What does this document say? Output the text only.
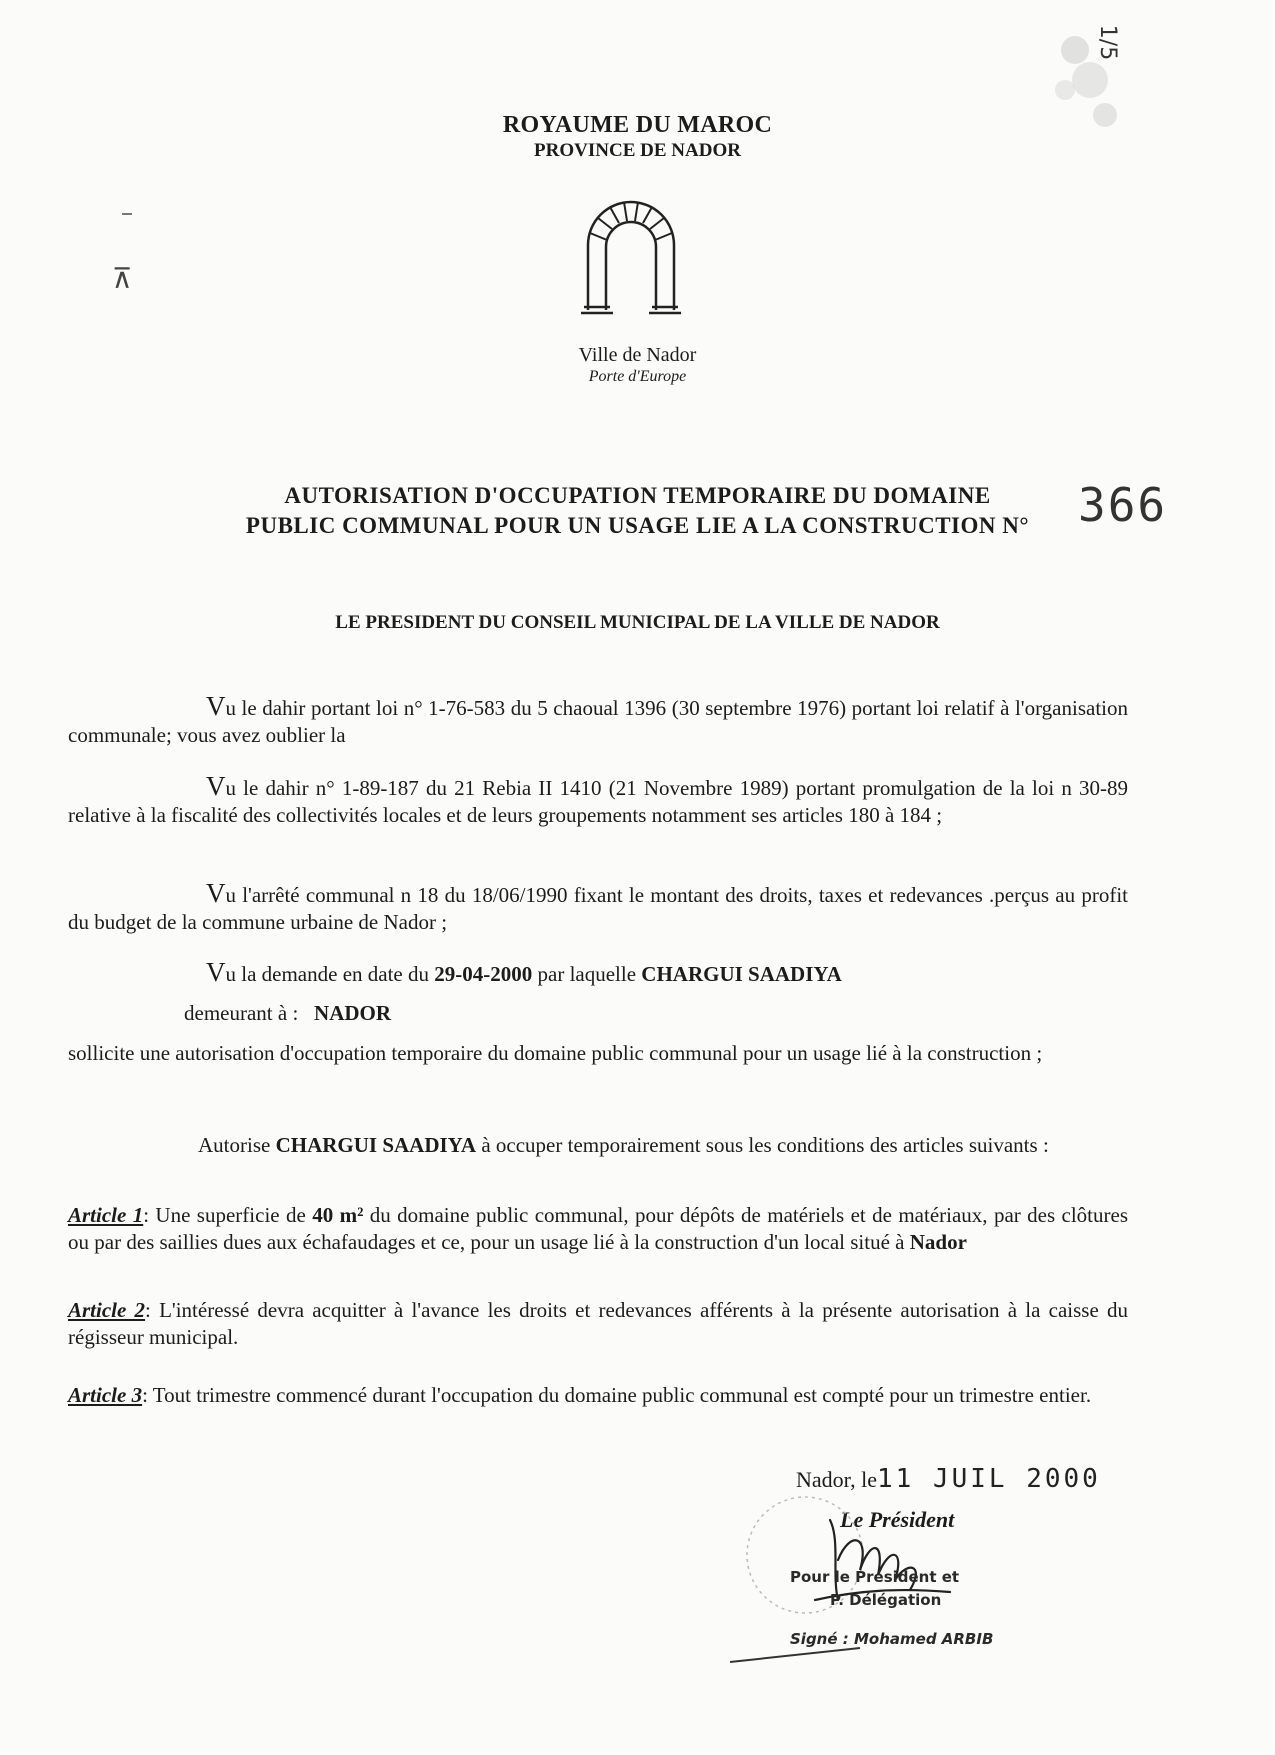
1/5
⊼
ROYAUME DU MAROC
PROVINCE DE NADOR
Ville de Nador
Porte d'Europe
AUTORISATION D'OCCUPATION TEMPORAIRE DU DOMAINE
PUBLIC COMMUNAL POUR UN USAGE LIE A LA CONSTRUCTION N°	366
LE PRESIDENT DU CONSEIL MUNICIPAL DE LA VILLE DE NADOR
Vu le dahir portant loi n° 1-76-583 du 5 chaoual 1396 (30 septembre 1976) portant loi relatif à l'organisation communale; vous avez oublier la
Vu le dahir n° 1-89-187 du 21 Rebia II 1410 (21 Novembre 1989) portant promulgation de la loi n 30-89 relative à la fiscalité des collectivités locales et de leurs groupements notamment ses articles 180 à 184 ;
Vu l'arrêté communal n 18 du 18/06/1990 fixant le montant des droits, taxes et redevances .perçus au profit du budget de la commune urbaine de Nador ;
Vu la demande en date du 29-04-2000 par laquelle CHARGUI SAADIYA
demeurant à : NADOR
sollicite une autorisation d'occupation temporaire du domaine public communal pour un usage lié à la construction ;
Autorise CHARGUI SAADIYA à occuper temporairement sous les conditions des articles suivants :
Article 1: Une superficie de 40 m² du domaine public communal, pour dépôts de matériels et de matériaux, par des clôtures ou par des saillies dues aux échafaudages et ce, pour un usage lié à la construction d'un local situé à Nador
Article 2: L'intéressé devra acquitter à l'avance les droits et redevances afférents à la présente autorisation à la caisse du régisseur municipal.
Article 3: Tout trimestre commencé durant l'occupation du domaine public communal est compté pour un trimestre entier.
Nador, le11 JUIL 2000
Le Président
Pour le Président et
P. Délégation
Signé : Mohamed ARBIB
